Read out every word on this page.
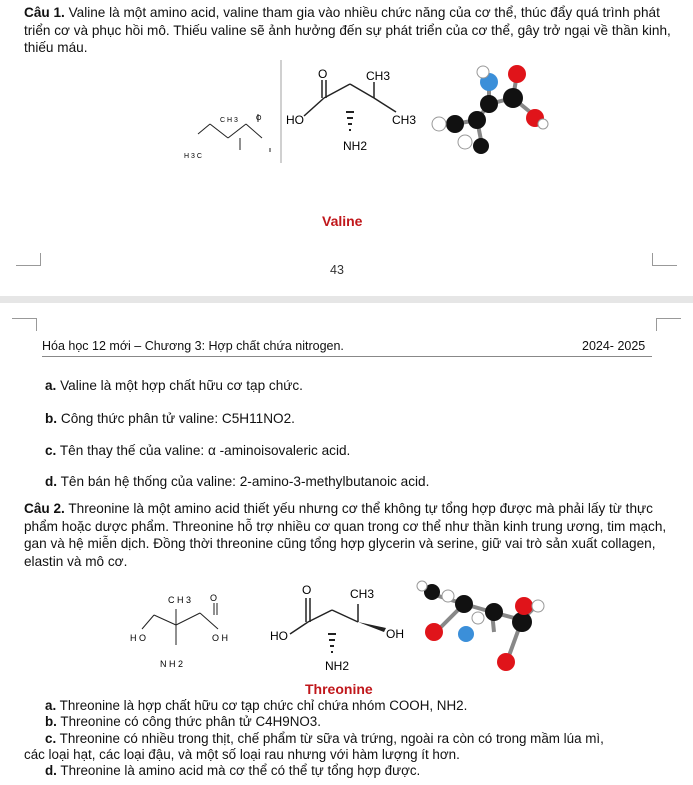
Câu 1. Valine là một amino acid, valine tham gia vào nhiều chức năng của cơ thể, thúc đẩy quá trình phát triển cơ và phục hồi mô. Thiếu valine sẽ ảnh hưởng đến sự phát triển của cơ thể, gây trở ngại về thần kinh, thiếu máu.

C H 3	O
H 3 C
O	CH3
HO	CH3
NH2
Valine
43
Hóa học 12 mới – Chương 3: Hợp chất chứa nitrogen.	2024- 2025

a. Valine là một hợp chất hữu cơ tạp chức.

b. Công thức phân tử valine: C5H11NO2.

c. Tên thay thế của valine: α -aminoisovaleric acid.

d. Tên bán hệ thống của valine: 2-amino-3-methylbutanoic acid.

Câu 2. Threonine là một amino acid thiết yếu nhưng cơ thể không tự tổng hợp được mà phải lấy từ thực phẩm hoặc dược phẩm. Threonine hỗ trợ nhiều cơ quan trong cơ thể như thần kinh trung ương, tim mạch, gan và hệ miễn dịch. Đồng thời threonine cũng tổng hợp glycerin và serine, giữ vai trò sản xuất collagen, elastin và mô cơ.

C H 3 O
H O	O H
N H 2
O	CH3
HO	OH
NH2
Threonine

a. Threonine là hợp chất hữu cơ tạp chức chỉ chứa nhóm COOH, NH2.

b. Threonine có công thức phân tử C4H9NO3.

c. Threonine có nhiều trong thịt, chế phẩm từ sữa và trứng, ngoài ra còn có trong mầm lúa mì,

các loại hạt, các loại đậu, và một số loại rau nhưng với hàm lượng ít hơn.

d. Threonine là amino acid mà cơ thể có thể tự tổng hợp được.
